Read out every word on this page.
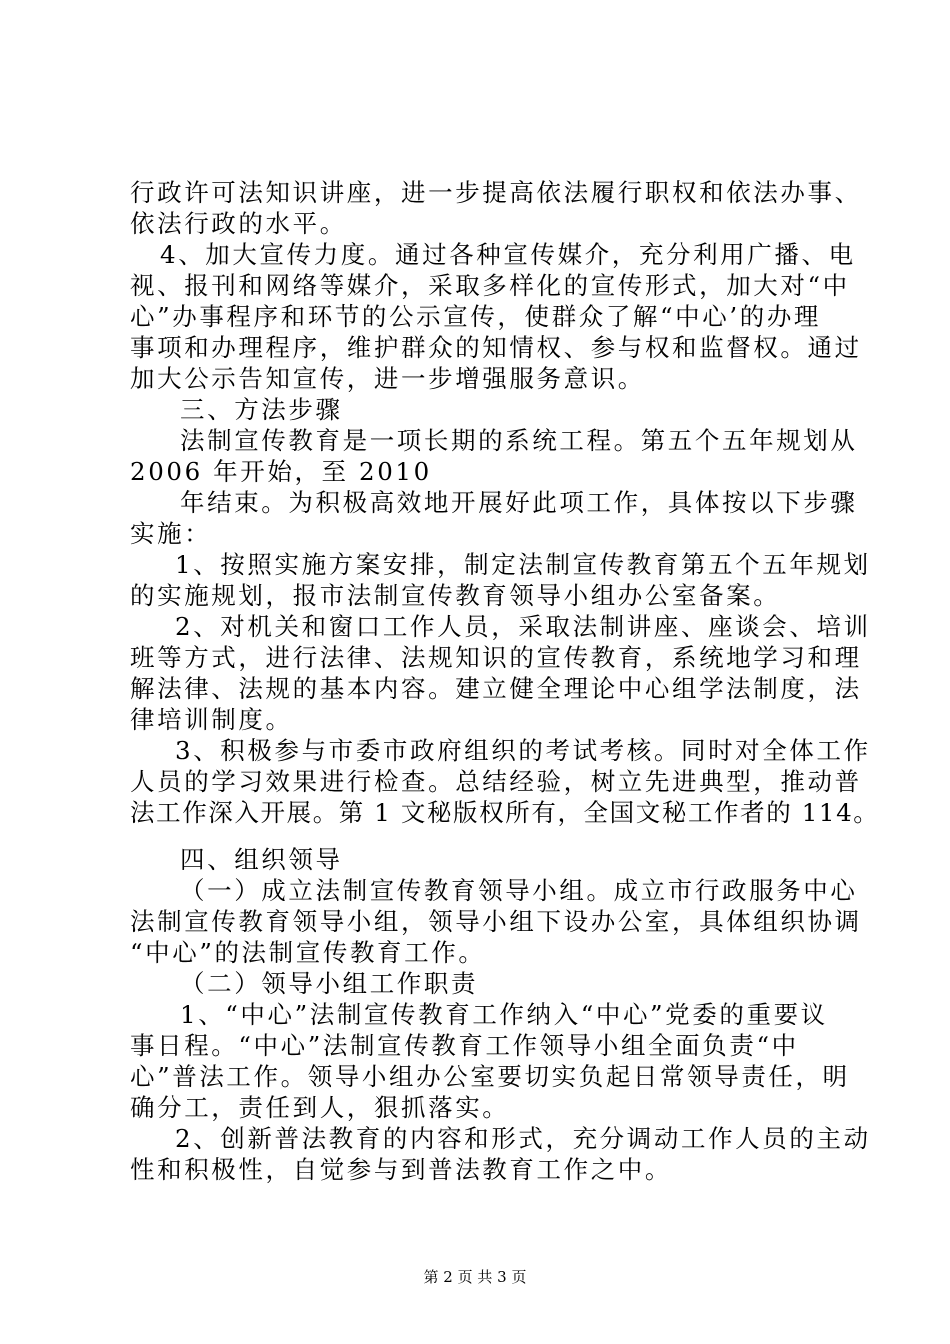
行政许可法知识讲座，进一步提高依法履行职权和依法办事、

依法行政的水平。

4、加大宣传力度。通过各种宣传媒介，充分利用广播、电

视、报刊和网络等媒介，采取多样化的宣传形式，加大对“中

心”办事程序和环节的公示宣传，使群众了解“中心’的办理

事项和办理程序，维护群众的知情权、参与权和监督权。通过

加大公示告知宣传，进一步增强服务意识。

三、方法步骤

法制宣传教育是一项长期的系统工程。第五个五年规划从

2006 年开始，至 2010

年结束。为积极高效地开展好此项工作，具体按以下步骤

实施：

1、按照实施方案安排，制定法制宣传教育第五个五年规划

的实施规划，报市法制宣传教育领导小组办公室备案。

2、对机关和窗口工作人员，采取法制讲座、座谈会、培训

班等方式，进行法律、法规知识的宣传教育，系统地学习和理

解法律、法规的基本内容。建立健全理论中心组学法制度，法

律培训制度。

3、积极参与市委市政府组织的考试考核。同时对全体工作

人员的学习效果进行检查。总结经验，树立先进典型，推动普

法工作深入开展。第 1 文秘版权所有，全国文秘工作者的 114。

四、组织领导

（一）成立法制宣传教育领导小组。成立市行政服务中心

法制宣传教育领导小组，领导小组下设办公室，具体组织协调

“中心”的法制宣传教育工作。

（二）领导小组工作职责

1、“中心”法制宣传教育工作纳入“中心”党委的重要议

事日程。“中心”法制宣传教育工作领导小组全面负责“中

心”普法工作。领导小组办公室要切实负起日常领导责任，明

确分工，责任到人，狠抓落实。

2、创新普法教育的内容和形式，充分调动工作人员的主动

性和积极性，自觉参与到普法教育工作之中。

第 2 页 共 3 页
